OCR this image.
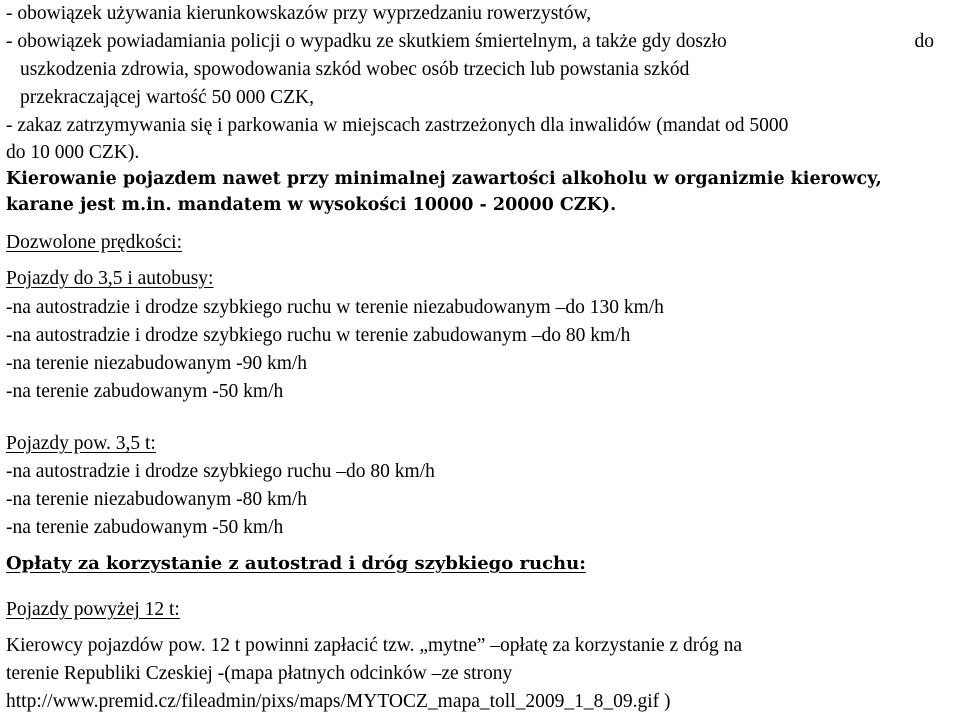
- obowiązek używania kierunkowskazów przy wyprzedzaniu rowerzystów,
- obowiązek powiadamiania policji o wypadku ze skutkiem śmiertelnym, a także gdy doszło	do
uszkodzenia zdrowia, spowodowania szkód wobec osób trzecich lub powstania szkód
przekraczającej wartość 50 000 CZK,
- zakaz zatrzymywania się i parkowania w miejscach zastrzeżonych dla inwalidów (mandat od 5000
do 10 000 CZK).
Kierowanie pojazdem nawet przy minimalnej zawartości alkoholu w organizmie kierowcy,
karane jest m.in. mandatem w wysokości 10000 - 20000 CZK).
Dozwolone prędkości:
Pojazdy do 3,5 i autobusy:
-na autostradzie i drodze szybkiego ruchu w terenie niezabudowanym –do 130 km/h
-na autostradzie i drodze szybkiego ruchu w terenie zabudowanym –do 80 km/h
-na terenie niezabudowanym -90 km/h
-na terenie zabudowanym -50 km/h
Pojazdy pow. 3,5 t:
-na autostradzie i drodze szybkiego ruchu –do 80 km/h
-na terenie niezabudowanym -80 km/h
-na terenie zabudowanym -50 km/h
Opłaty za korzystanie z autostrad i dróg szybkiego ruchu:
Pojazdy powyżej 12 t:
Kierowcy pojazdów pow. 12 t powinni zapłacić tzw. „mytne” –opłatę za korzystanie z dróg na
terenie Republiki Czeskiej -(mapa płatnych odcinków –ze strony
http://www.premid.cz/fileadmin/pixs/maps/MYTOCZ_mapa_toll_2009_1_8_09.gif )
